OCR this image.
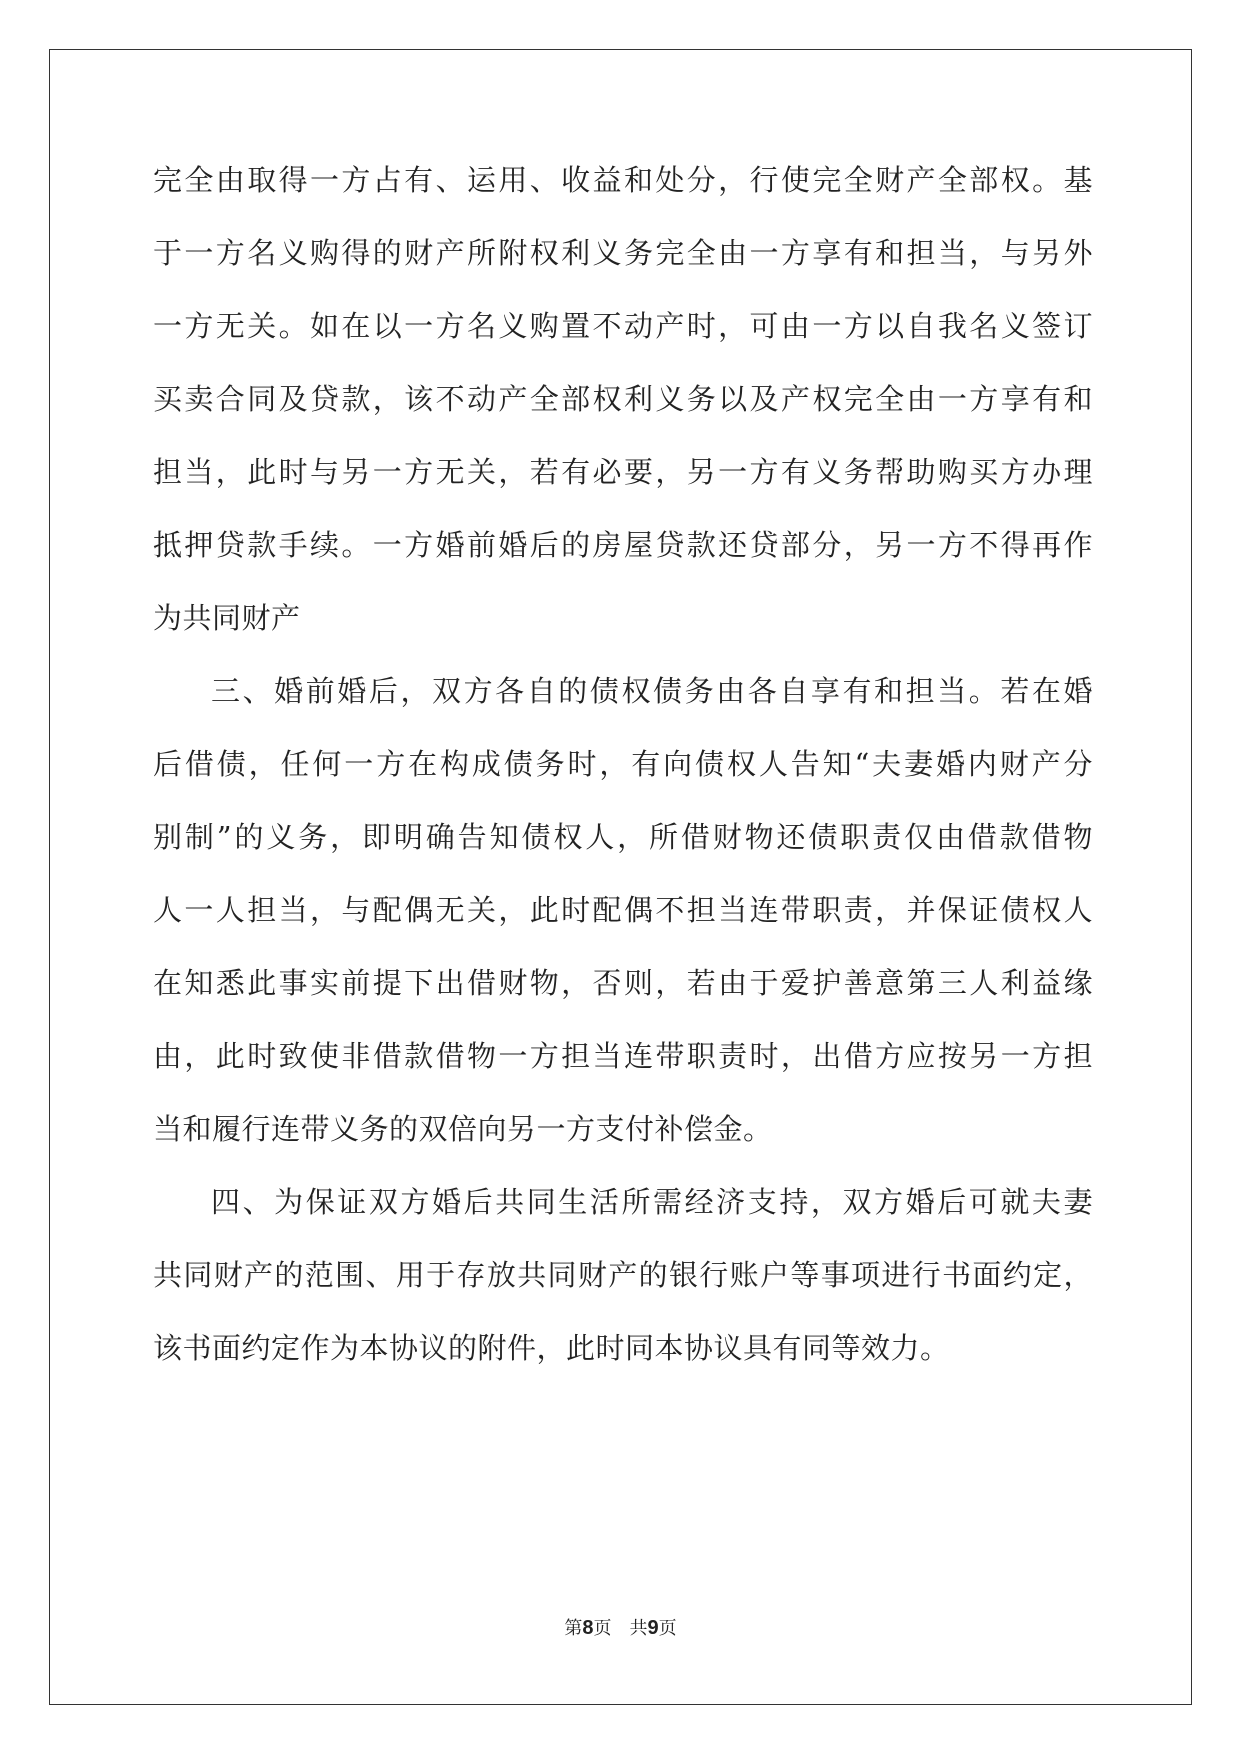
完全由取得一方占有、运用、收益和处分，行使完全财产全部权。基
于一方名义购得的财产所附权利义务完全由一方享有和担当，与另外
一方无关。如在以一方名义购置不动产时，可由一方以自我名义签订
买卖合同及贷款，该不动产全部权利义务以及产权完全由一方享有和
担当，此时与另一方无关，若有必要，另一方有义务帮助购买方办理
抵押贷款手续。一方婚前婚后的房屋贷款还贷部分，另一方不得再作
为共同财产
三、婚前婚后，双方各自的债权债务由各自享有和担当。若在婚
后借债，任何一方在构成债务时，有向债权人告知“夫妻婚内财产分
别制”的义务，即明确告知债权人，所借财物还债职责仅由借款借物
人一人担当，与配偶无关，此时配偶不担当连带职责，并保证债权人
在知悉此事实前提下出借财物，否则，若由于爱护善意第三人利益缘
由，此时致使非借款借物一方担当连带职责时，出借方应按另一方担
当和履行连带义务的双倍向另一方支付补偿金。
四、为保证双方婚后共同生活所需经济支持，双方婚后可就夫妻
共同财产的范围、用于存放共同财产的银行账户等事项进行书面约定，
该书面约定作为本协议的附件，此时同本协议具有同等效力。
第8页 共9页
